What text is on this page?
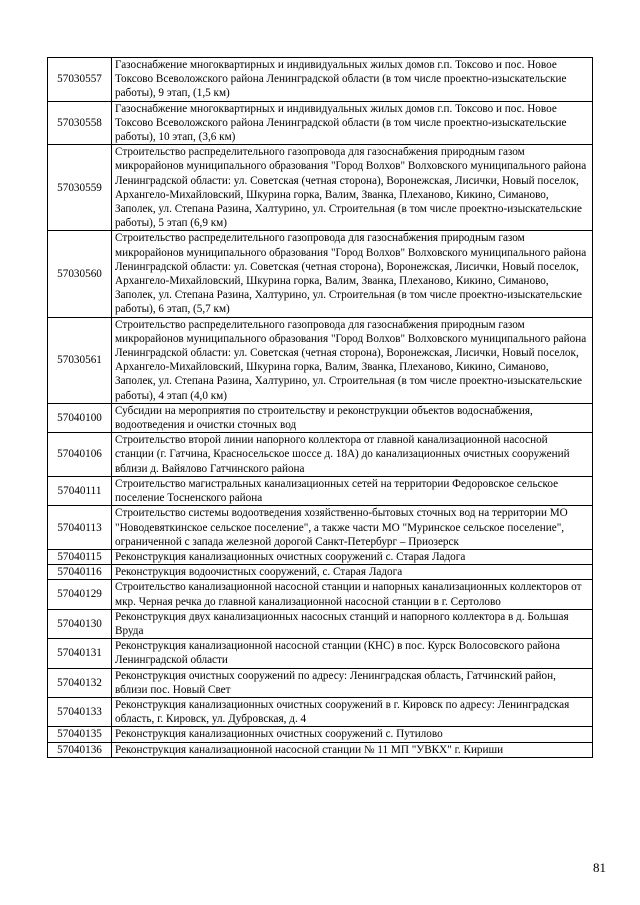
57030557	Газоснабжение многоквартирных и индивидуальных жилых домов г.п. Токсово и пос. Новое Токсово Всеволожского района Ленинградской области (в том числе проектно-изыскательские работы), 9 этап, (1,5 км)
57030558	Газоснабжение многоквартирных и индивидуальных жилых домов г.п. Токсово и пос. Новое Токсово Всеволожского района Ленинградской области (в том числе проектно-изыскательские работы), 10 этап, (3,6 км)
57030559	Строительство распределительного газопровода для газоснабжения природным газом микрорайонов муниципального образования "Город Волхов" Волховского муниципального района Ленинградской области: ул. Советская (четная сторона), Воронежская, Лисички, Новый поселок, Архангело-Михайловский, Шкурина горка, Валим, Званка, Плеханово, Кикино, Симаново, Заполек, ул. Степана Разина, Халтурино, ул. Строительная (в том числе проектно-изыскательские работы), 5 этап (6,9 км)
57030560	Строительство распределительного газопровода для газоснабжения природным газом микрорайонов муниципального образования "Город Волхов" Волховского муниципального района Ленинградской области: ул. Советская (четная сторона), Воронежская, Лисички, Новый поселок, Архангело-Михайловский, Шкурина горка, Валим, Званка, Плеханово, Кикино, Симаново, Заполек, ул. Степана Разина, Халтурино, ул. Строительная (в том числе проектно-изыскательские работы), 6 этап, (5,7 км)
57030561	Строительство распределительного газопровода для газоснабжения природным газом микрорайонов муниципального образования "Город Волхов" Волховского муниципального района Ленинградской области: ул. Советская (четная сторона), Воронежская, Лисички, Новый поселок, Архангело-Михайловский, Шкурина горка, Валим, Званка, Плеханово, Кикино, Симаново, Заполек, ул. Степана Разина, Халтурино, ул. Строительная (в том числе проектно-изыскательские работы), 4 этап (4,0 км)
57040100	Субсидии на мероприятия по строительству и реконструкции объектов водоснабжения, водоотведения и очистки сточных вод
57040106	Строительство второй линии напорного коллектора от главной канализационной насосной станции (г. Гатчина, Красносельское шоссе д. 18А) до канализационных очистных сооружений вблизи д. Вайялово Гатчинского района
57040111	Строительство магистральных канализационных сетей на территории Федоровское сельское поселение Тосненского района
57040113	Строительство системы водоотведения хозяйственно-бытовых сточных вод на территории МО "Новодевяткинское сельское поселение", а также части МО "Муринское сельское поселение", ограниченной с запада железной дорогой Санкт-Петербург – Приозерск
57040115	Реконструкция канализационных очистных сооружений с. Старая Ладога
57040116	Реконструкция водоочистных сооружений, с. Старая Ладога
57040129	Строительство канализационной насосной станции и напорных канализационных коллекторов от мкр. Черная речка до главной канализационной насосной станции в г. Сертолово
57040130	Реконструкция двух канализационных насосных станций и напорного коллектора в д. Большая Вруда
57040131	Реконструкция канализационной насосной станции (КНС) в пос. Курск Волосовского района Ленинградской области
57040132	Реконструкция очистных сооружений по адресу: Ленинградская область, Гатчинский район, вблизи пос. Новый Свет
57040133	Реконструкция канализационных очистных сооружений в г. Кировск по адресу: Ленинградская область, г. Кировск, ул. Дубровская, д. 4
57040135	Реконструкция канализационных очистных сооружений с. Путилово
57040136	Реконструкция канализационной насосной станции № 11 МП "УВКХ" г. Кириши
81
